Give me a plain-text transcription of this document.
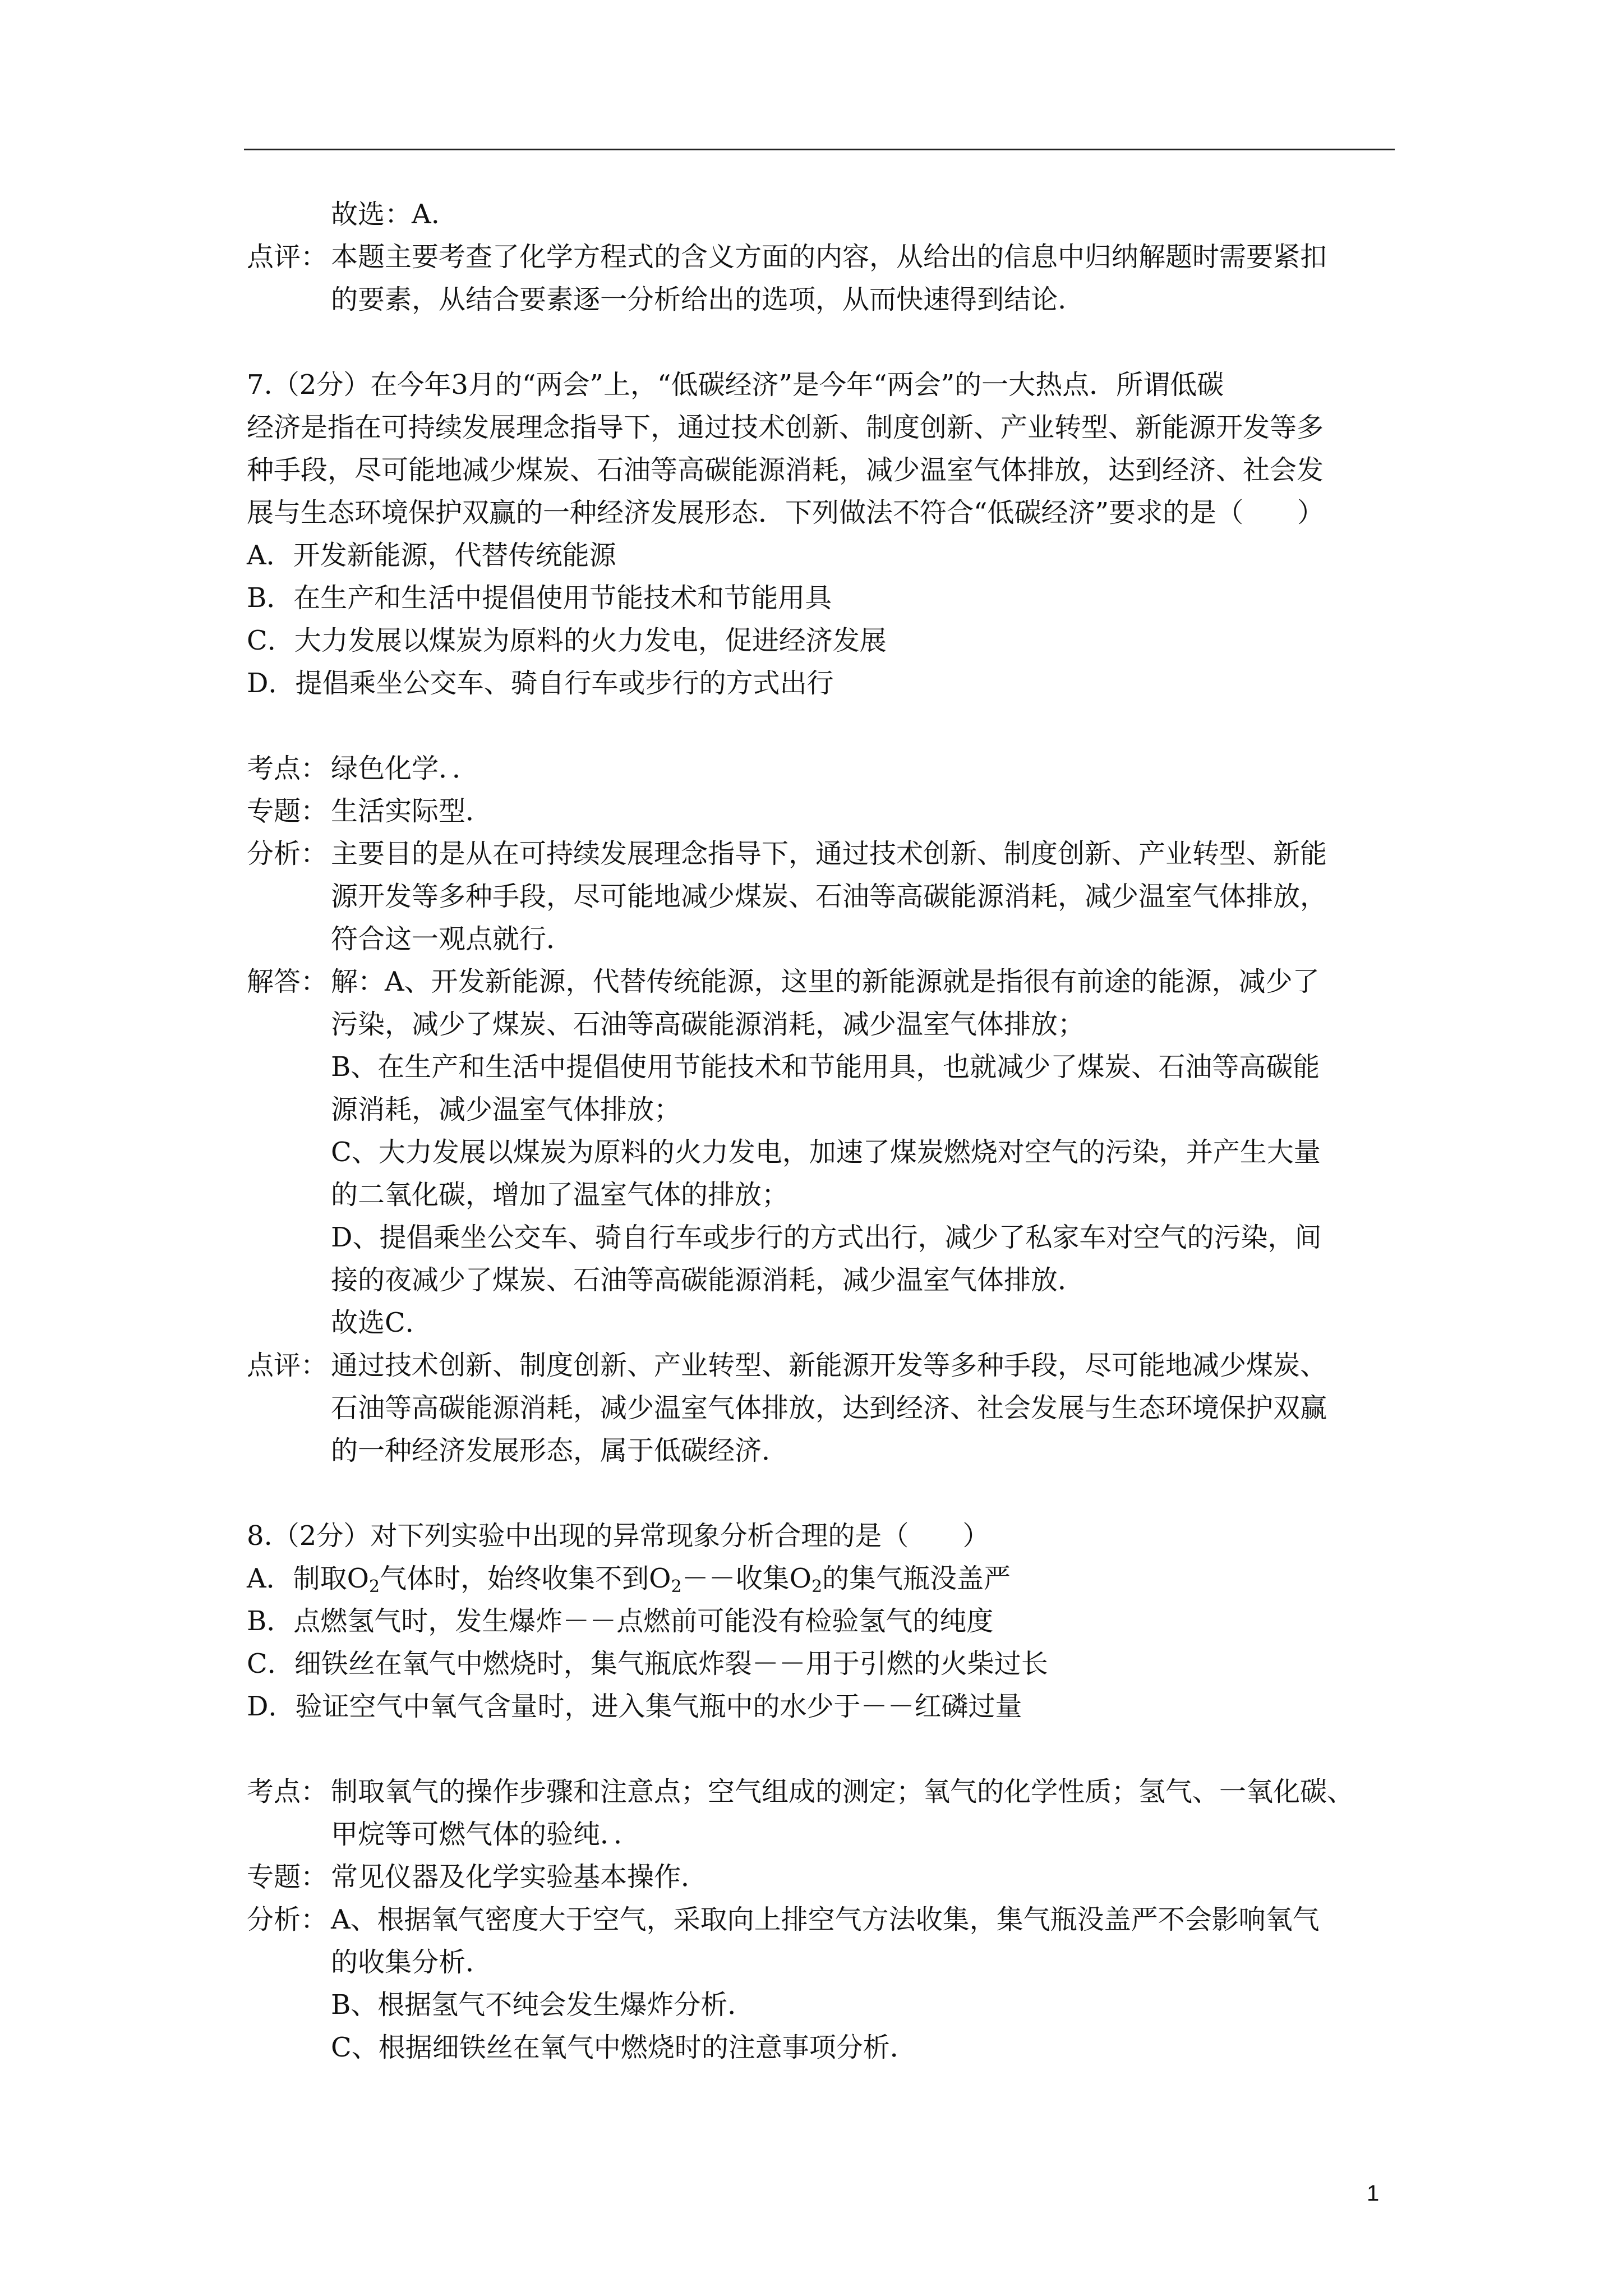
故选：A.
点评： 本题主要考查了化学方程式的含义方面的内容，从给出的信息中归纳解题时需要紧扣
的要素，从结合要素逐一分析给出的选项，从而快速得到结论.
7.（2分）在今年3月的“两会”上，“低碳经济”是今年“两会”的一大热点．所谓低碳
经济是指在可持续发展理念指导下，通过技术创新、制度创新、产业转型、新能源开发等多
种手段，尽可能地减少煤炭、石油等高碳能源消耗，减少温室气体排放，达到经济、社会发
展与生态环境保护双赢的一种经济发展形态．下列做法不符合“低碳经济”要求的是（　　）
A．开发新能源，代替传统能源
B．在生产和生活中提倡使用节能技术和节能用具
C．大力发展以煤炭为原料的火力发电，促进经济发展
D．提倡乘坐公交车、骑自行车或步行的方式出行
考点： 绿色化学．．
专题： 生活实际型．
分析： 主要目的是从在可持续发展理念指导下，通过技术创新、制度创新、产业转型、新能
源开发等多种手段，尽可能地减少煤炭、石油等高碳能源消耗，减少温室气体排放，
符合这一观点就行．
解答： 解：A、开发新能源，代替传统能源，这里的新能源就是指很有前途的能源，减少了
污染，减少了煤炭、石油等高碳能源消耗，减少温室气体排放；
B、在生产和生活中提倡使用节能技术和节能用具，也就减少了煤炭、石油等高碳能
源消耗，减少温室气体排放；
C、大力发展以煤炭为原料的火力发电，加速了煤炭燃烧对空气的污染，并产生大量
的二氧化碳，增加了温室气体的排放；
D、提倡乘坐公交车、骑自行车或步行的方式出行，减少了私家车对空气的污染，间
接的夜减少了煤炭、石油等高碳能源消耗，减少温室气体排放．
故选C．
点评： 通过技术创新、制度创新、产业转型、新能源开发等多种手段，尽可能地减少煤炭、
石油等高碳能源消耗，减少温室气体排放，达到经济、社会发展与生态环境保护双赢
的一种经济发展形态，属于低碳经济．
8.（2分）对下列实验中出现的异常现象分析合理的是（　　）
A．制取$O_2$气体时，始终收集不到$O_2--$收集$O_2$的集气瓶没盖严
B．点燃氢气时，发生爆炸－－点燃前可能没有检验氢气的纯度
C．细铁丝在氧气中燃烧时，集气瓶底炸裂－－用于引燃的火柴过长
D．验证空气中氧气含量时，进入集气瓶中的水少于－－红磷过量
考点： 制取氧气的操作步骤和注意点；空气组成的测定；氧气的化学性质；氢气、一氧化碳、
甲烷等可燃气体的验纯．．
专题： 常见仪器及化学实验基本操作．
分析： A、根据氧气密度大于空气，采取向上排空气方法收集，集气瓶没盖严不会影响氧气
的收集分析．
B、根据氢气不纯会发生爆炸分析．
C、根据细铁丝在氧气中燃烧时的注意事项分析．
1
